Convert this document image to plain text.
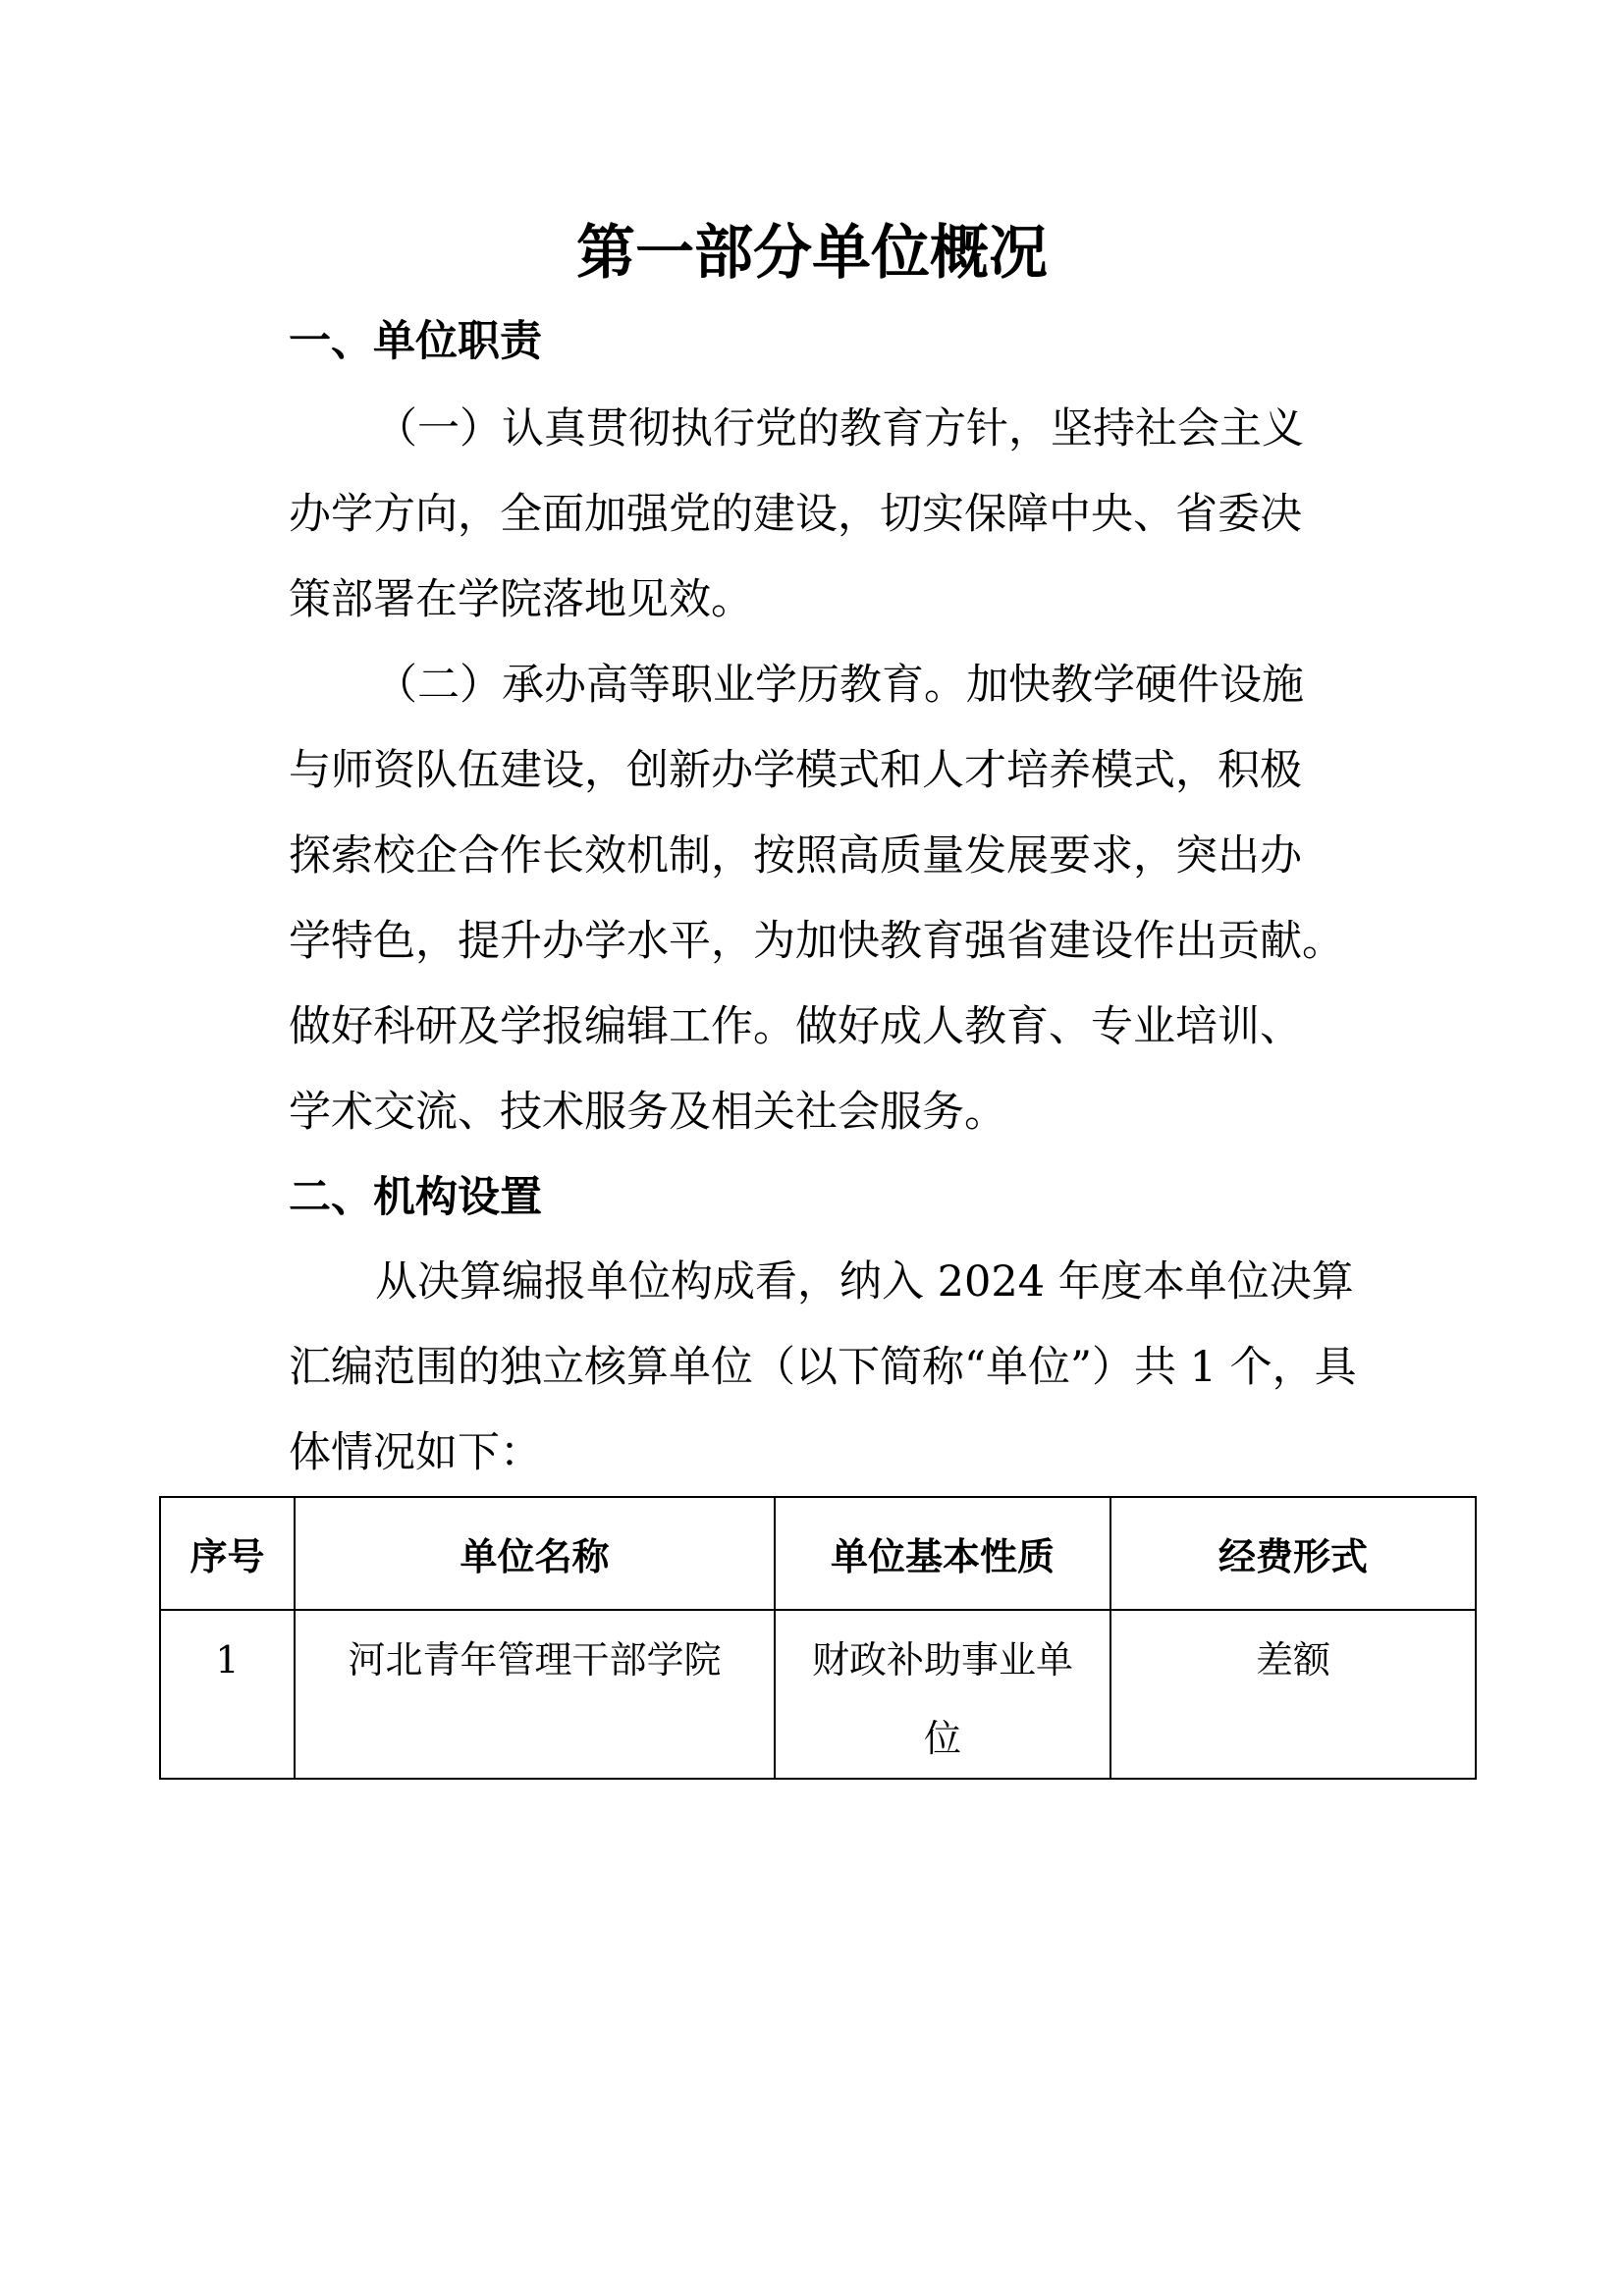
第一部分单位概况
一、单位职责
（一）认真贯彻执行党的教育方针，坚持社会主义
办学方向，全面加强党的建设，切实保障中央、省委决
策部署在学院落地见效。
（二）承办高等职业学历教育。加快教学硬件设施
与师资队伍建设，创新办学模式和人才培养模式，积极
探索校企合作长效机制，按照高质量发展要求，突出办
学特色，提升办学水平，为加快教育强省建设作出贡献。
做好科研及学报编辑工作。做好成人教育、专业培训、
学术交流、技术服务及相关社会服务。
二、机构设置
从决算编报单位构成看，纳入 2024 年度本单位决算
汇编范围的独立核算单位（以下简称“单位”）共 1 个，具
体情况如下：
序号	单位名称	单位基本性质	经费形式
1	河北青年管理干部学院	财政补助事业单位	差额
